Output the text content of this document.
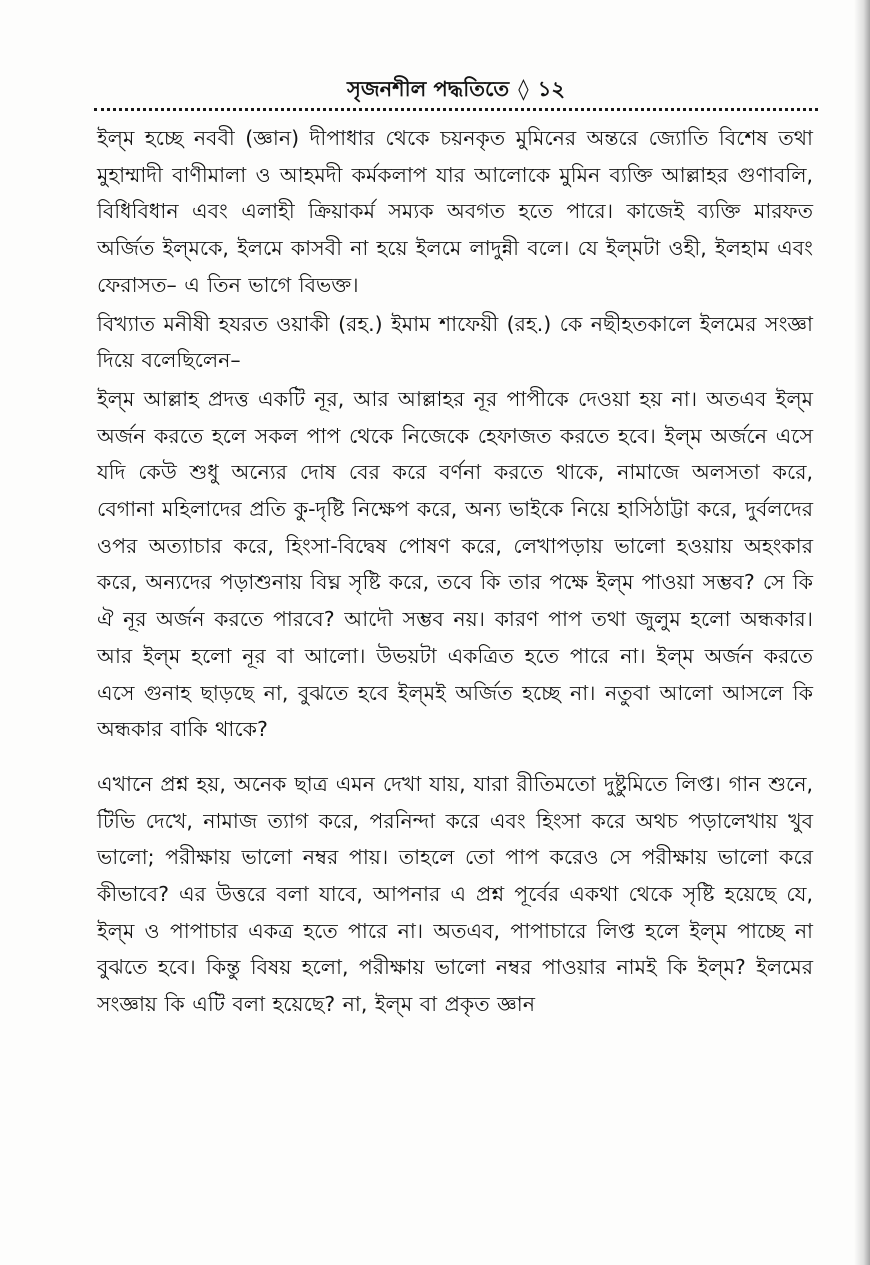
সৃজনশীল পদ্ধতিতে ◊ ১২

ইল্‌ম হচ্ছে নববী (জ্ঞান) দীপাধার থেকে চয়নকৃত মুমিনের অন্তরে জ্যোতি বিশেষ তথা মুহাম্মাদী বাণীমালা ও আহমদী কর্মকলাপ যার আলোকে মুমিন ব্যক্তি আল্লাহর গুণাবলি, বিধিবিধান এবং এলাহী ক্রিয়াকর্ম সম্যক অবগত হতে পারে। কাজেই ব্যক্তি মারফত অর্জিত ইল্‌মকে, ইলমে কাসবী না হয়ে ইলমে লাদুন্নী বলে। যে ইল্‌মটা ওহী, ইলহাম এবং ফেরাসত– এ তিন ভাগে বিভক্ত।

বিখ্যাত মনীষী হযরত ওয়াকী (রহ.) ইমাম শাফেয়ী (রহ.) কে নছীহতকালে ইলমের সংজ্ঞা দিয়ে বলেছিলেন–

ইল্‌ম আল্লাহ প্রদত্ত একটি নূর, আর আল্লাহর নূর পাপীকে দেওয়া হয় না। অতএব ইল্‌ম অর্জন করতে হলে সকল পাপ থেকে নিজেকে হেফাজত করতে হবে। ইল্‌ম অর্জনে এসে যদি কেউ শুধু অন্যের দোষ বের করে বর্ণনা করতে থাকে, নামাজে অলসতা করে, বেগানা মহিলাদের প্রতি কু-দৃষ্টি নিক্ষেপ করে, অন্য ভাইকে নিয়ে হাসিঠাট্টা করে, দুর্বলদের ওপর অত্যাচার করে, হিংসা-বিদ্বেষ পোষণ করে, লেখাপড়ায় ভালো হওয়ায় অহংকার করে, অন্যদের পড়াশুনায় বিঘ্ন সৃষ্টি করে, তবে কি তার পক্ষে ইল্‌ম পাওয়া সম্ভব? সে কি ঐ নূর অর্জন করতে পারবে? আদৌ সম্ভব নয়। কারণ পাপ তথা জুলুম হলো অন্ধকার। আর ইল্‌ম হলো নূর বা আলো। উভয়টা একত্রিত হতে পারে না। ইল্‌ম অর্জন করতে এসে গুনাহ ছাড়ছে না, বুঝতে হবে ইল্‌মই অর্জিত হচ্ছে না। নতুবা আলো আসলে কি অন্ধকার বাকি থাকে?

এখানে প্রশ্ন হয়, অনেক ছাত্র এমন দেখা যায়, যারা রীতিমতো দুষ্টুমিতে লিপ্ত। গান শুনে, টিভি দেখে, নামাজ ত্যাগ করে, পরনিন্দা করে এবং হিংসা করে অথচ পড়ালেখায় খুব ভালো; পরীক্ষায় ভালো নম্বর পায়। তাহলে তো পাপ করেও সে পরীক্ষায় ভালো করে কীভাবে? এর উত্তরে বলা যাবে, আপনার এ প্রশ্ন পূর্বের একথা থেকে সৃষ্টি হয়েছে যে, ইল্‌ম ও পাপাচার একত্র হতে পারে না। অতএব, পাপাচারে লিপ্ত হলে ইল্‌ম পাচ্ছে না বুঝতে হবে। কিন্তু বিষয় হলো, পরীক্ষায় ভালো নম্বর পাওয়ার নামই কি ইল্‌ম? ইলমের সংজ্ঞায় কি এটি বলা হয়েছে? না, ইল্‌ম বা প্রকৃত জ্ঞান
